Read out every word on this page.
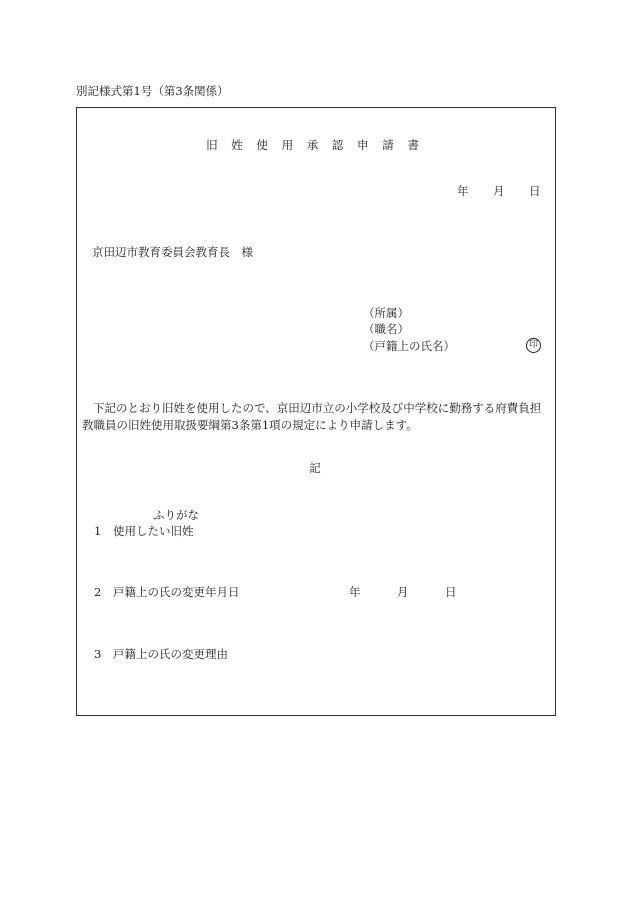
別記様式第1号（第3条関係）
旧 姓 使 用 承 認 申 請 書
年 月 日
京田辺市教育委員会教育長　様
（所属）
（職名）
（戸籍上の氏名）	印
下記のとおり旧姓を使用したので、京田辺市立の小学校及び中学校に勤務する府費負担
教職員の旧姓使用取扱要綱第3条第1項の規定により申請します。
記
ふりがな
1 使用したい旧姓
2 戸籍上の氏の変更年月日	年	月	日
3 戸籍上の氏の変更理由
